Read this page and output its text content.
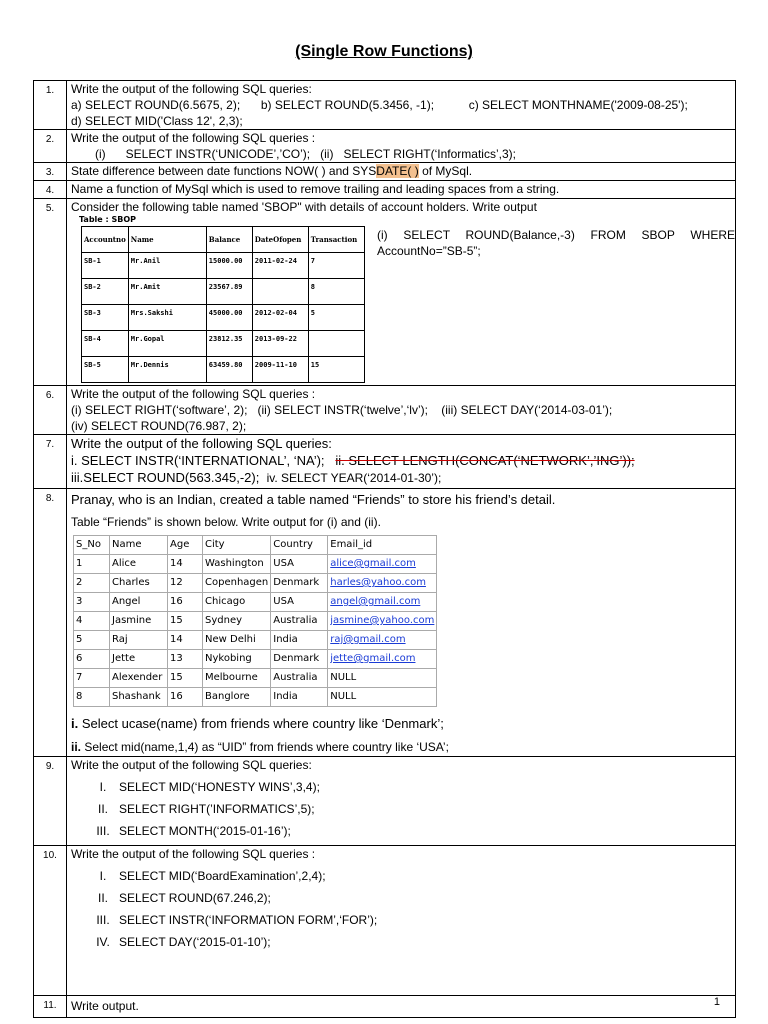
(Single Row Functions)
1.	Write the output of the following SQL queries:
a) SELECT ROUND(6.5675, 2); b) SELECT ROUND(5.3456, -1);	c) SELECT MONTHNAME('2009-08-25');
d) SELECT MID('Class 12', 2,3);

2.	Write the output of the following SQL queries :
(i)      SELECT INSTR(‘UNICODE’,’CO’); (ii)   SELECT RIGHT(‘Informatics’,3);

3.	State difference between date functions NOW( ) and SYSDATE( ) of MySql.
4.	Name a function of MySql which is used to remove trailing and leading spaces from a string.
5.	Consider the following table named 'SBOP" with details of account holders. Write output
Table : SBOP
Accountno	Name	Balance	DateOfopen	Transaction
SB-1	Mr.Anil	15000.00	2011-02-24	7
SB-2	Mr.Amit	23567.89		8
SB-3	Mrs.Sakshi	45000.00	2012-02-04	5
SB-4	Mr.Gopal	23812.35	2013-09-22	
SB-5	Mr.Dennis	63459.80	2009-11-10	15
(i) SELECT ROUND(Balance,-3) FROM SBOP WHERE AccountNo=”SB-5”;

6.	Write the output of the following SQL queries :
(i) SELECT RIGHT(‘software’, 2);   (ii) SELECT INSTR(‘twelve’,‘lv’);    (iii) SELECT DAY(‘2014-03-01’);
(iv) SELECT ROUND(76.987, 2);

7.	Write the output of the following SQL queries:
i. SELECT INSTR(‘INTERNATIONAL’, ‘NA’); ii. SELECT LENGTH(CONCAT(‘NETWORK’,’ING’));
iii.SELECT ROUND(563.345,-2); iv. SELECT YEAR(‘2014-01-30’);

8.	Pranay, who is an Indian, created a table named “Friends” to store his friend’s detail.
Table “Friends” is shown below. Write output for (i) and (ii).
S_No	Name	Age	City	Country	Email_id
1	Alice	14	Washington	USA	alice@gmail.com
2	Charles	12	Copenhagen	Denmark	harles@yahoo.com
3	Angel	16	Chicago	USA	angel@gmail.com
4	Jasmine	15	Sydney	Australia	jasmine@yahoo.com
5	Raj	14	New Delhi	India	raj@gmail.com
6	Jette	13	Nykobing	Denmark	jette@gmail.com
7	Alexender	15	Melbourne	Australia	NULL
8	Shashank	16	Banglore	India	NULL
i. Select ucase(name) from friends where country like ‘Denmark’;
ii. Select mid(name,1,4) as “UID” from friends where country like ‘USA’;

9.	Write the output of the following SQL queries:
I. SELECT MID(‘HONESTY WINS’,3,4);
II. SELECT RIGHT(’INFORMATICS’,5);
III. SELECT MONTH(‘2015-01-16’);

10.	Write the output of the following SQL queries :
I. SELECT MID(‘BoardExamination’,2,4);
II. SELECT ROUND(67.246,2);
III. SELECT INSTR(‘INFORMATION FORM’,‘FOR’);
IV. SELECT DAY(‘2015-01-10’);

11.	Write output.	1
